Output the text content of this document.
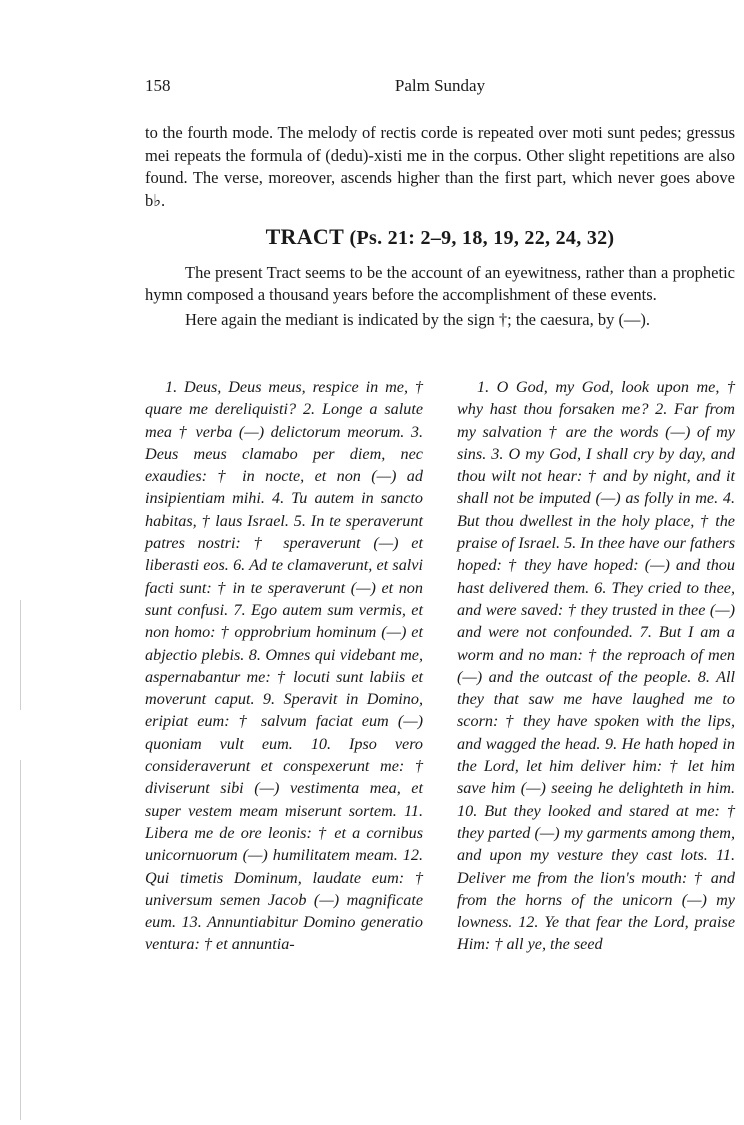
158	Palm Sunday

to the fourth mode. The melody of rectis corde is repeated over moti sunt pedes; gressus mei repeats the formula of (dedu)-xisti me in the corpus. Other slight repetitions are also found. The verse, moreover, ascends higher than the first part, which never goes above b♭.

TRACT (Ps. 21: 2–9, 18, 19, 22, 24, 32)

The present Tract seems to be the account of an eyewitness, rather than a prophetic hymn composed a thousand years before the accomplishment of these events.

Here again the mediant is indicated by the sign †; the caesura, by (—).

1. Deus, Deus meus, respice in me, † quare me dereliquisti? 2. Longe a salute mea † verba (—) delictorum meorum. 3. Deus meus clamabo per diem, nec exaudies: † in nocte, et non (—) ad insipientiam mihi. 4. Tu autem in sancto habitas, † laus Israel. 5. In te speraverunt patres nostri: † speraverunt (—) et liberasti eos. 6. Ad te clamaverunt, et salvi facti sunt: † in te speraverunt (—) et non sunt confusi. 7. Ego autem sum vermis, et non homo: † opprobrium hominum (—) et abjectio plebis. 8. Omnes qui videbant me, aspernabantur me: † locuti sunt labiis et moverunt caput. 9. Speravit in Domino, eripiat eum: † salvum faciat eum (—) quoniam vult eum. 10. Ipso vero consideraverunt et conspexerunt me: † diviserunt sibi (—) vestimenta mea, et super vestem meam miserunt sortem. 11. Libera me de ore leonis: † et a cornibus unicornuorum (—) humilitatem meam. 12. Qui timetis Dominum, laudate eum: † universum semen Jacob (—) magnificate eum. 13. Annuntiabitur Domino generatio ventura: † et annuntia-

1. O God, my God, look upon me, † why hast thou forsaken me? 2. Far from my salvation † are the words (—) of my sins. 3. O my God, I shall cry by day, and thou wilt not hear: † and by night, and it shall not be imputed (—) as folly in me. 4. But thou dwellest in the holy place, † the praise of Israel. 5. In thee have our fathers hoped: † they have hoped: (—) and thou hast delivered them. 6. They cried to thee, and were saved: † they trusted in thee (—) and were not confounded. 7. But I am a worm and no man: † the reproach of men (—) and the outcast of the people. 8. All they that saw me have laughed me to scorn: † they have spoken with the lips, and wagged the head. 9. He hath hoped in the Lord, let him deliver him: † let him save him (—) seeing he delighteth in him. 10. But they looked and stared at me: † they parted (—) my garments among them, and upon my vesture they cast lots. 11. Deliver me from the lion's mouth: † and from the horns of the unicorn (—) my lowness. 12. Ye that fear the Lord, praise Him: † all ye, the seed
